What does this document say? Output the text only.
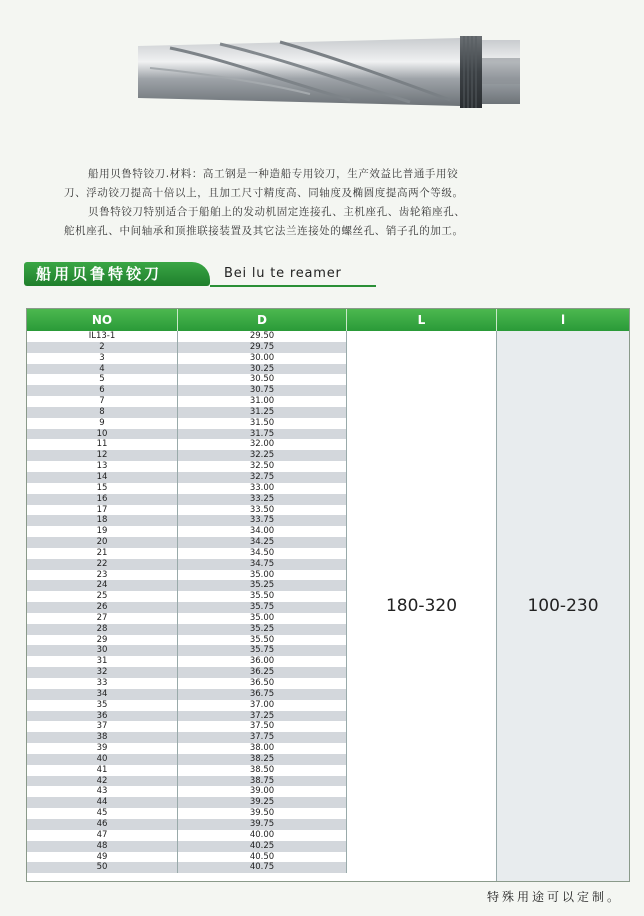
船用贝鲁特铰刀.材料：高工钢是一种造船专用铰刀，生产效益比普通手用铰

刀、浮动铰刀提高十倍以上，且加工尺寸精度高、同轴度及椭圆度提高两个等级。

贝鲁特铰刀特别适合于船舶上的发动机固定连接孔、主机座孔、齿轮箱座孔、

舵机座孔、中间轴承和顶推联接装置及其它法兰连接处的螺丝孔、销子孔的加工。

船用贝鲁特铰刀	Bei lu te reamer
NO	D	L	l
IL13-1	29.50
2	29.75
3	30.00
4	30.25
5	30.50
6	30.75
7	31.00
8	31.25
9	31.50
10	31.75
11	32.00
12	32.25
13	32.50
14	32.75
15	33.00
16	33.25
17	33.50
18	33.75
19	34.00
20	34.25
21	34.50
22	34.75
23	35.00
24	35.25
25	35.50
26	35.75
27	35.00
28	35.25
29	35.50
30	35.75
31	36.00
32	36.25
33	36.50
34	36.75
35	37.00
36	37.25
37	37.50
38	37.75
39	38.00
40	38.25
41	38.50
42	38.75
43	39.00
44	39.25
45	39.50
46	39.75
47	40.00
48	40.25
49	40.50
50	40.75
180-320	100-230
特殊用途可以定制。
